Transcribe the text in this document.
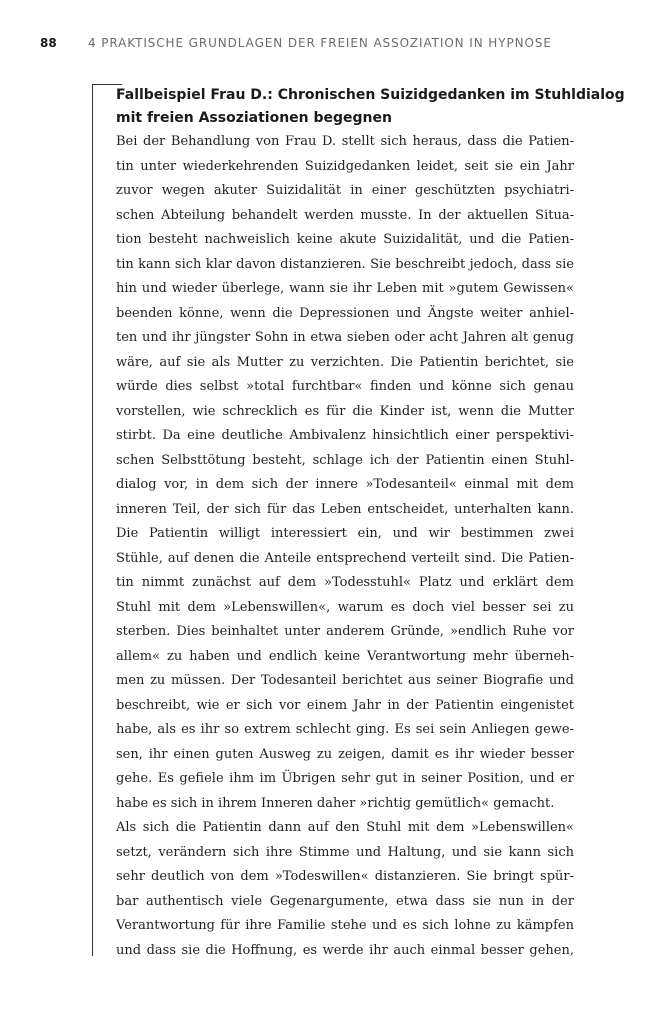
88	4 PRAKTISCHE GRUNDLAGEN DER FREIEN ASSOZIATION IN HYPNOSE
Fallbeispiel Frau D.: Chronischen Suizidgedanken im Stuhldialog
mit freien Assoziationen begegnen
Bei der Behandlung von Frau D. stellt sich heraus, dass die Patien-
tin unter wiederkehrenden Suizidgedanken leidet, seit sie ein Jahr
zuvor wegen akuter Suizidalität in einer geschützten psychiatri-
schen Abteilung behandelt werden musste. In der aktuellen Situa-
tion besteht nachweislich keine akute Suizidalität, und die Patien-
tin kann sich klar davon distanzieren. Sie beschreibt jedoch, dass sie
hin und wieder überlege, wann sie ihr Leben mit »gutem Gewissen«
beenden könne, wenn die Depressionen und Ängste weiter anhiel-
ten und ihr jüngster Sohn in etwa sieben oder acht Jahren alt genug
wäre, auf sie als Mutter zu verzichten. Die Patientin berichtet, sie
würde dies selbst »total furchtbar« finden und könne sich genau
vorstellen, wie schrecklich es für die Kinder ist, wenn die Mutter
stirbt. Da eine deutliche Ambivalenz hinsichtlich einer perspektivi-
schen Selbsttötung besteht, schlage ich der Patientin einen Stuhl-
dialog vor, in dem sich der innere »Todesanteil« einmal mit dem
inneren Teil, der sich für das Leben entscheidet, unterhalten kann.
Die Patientin willigt interessiert ein, und wir bestimmen zwei
Stühle, auf denen die Anteile entsprechend verteilt sind. Die Patien-
tin nimmt zunächst auf dem »Todesstuhl« Platz und erklärt dem
Stuhl mit dem »Lebenswillen«, warum es doch viel besser sei zu
sterben. Dies beinhaltet unter anderem Gründe, »endlich Ruhe vor
allem« zu haben und endlich keine Verantwortung mehr überneh-
men zu müssen. Der Todesanteil berichtet aus seiner Biografie und
beschreibt, wie er sich vor einem Jahr in der Patientin eingenistet
habe, als es ihr so extrem schlecht ging. Es sei sein Anliegen gewe-
sen, ihr einen guten Ausweg zu zeigen, damit es ihr wieder besser
gehe. Es gefiele ihm im Übrigen sehr gut in seiner Position, und er
habe es sich in ihrem Inneren daher »richtig gemütlich« gemacht.
Als sich die Patientin dann auf den Stuhl mit dem »Lebenswillen«
setzt, verändern sich ihre Stimme und Haltung, und sie kann sich
sehr deutlich von dem »Todeswillen« distanzieren. Sie bringt spür-
bar authentisch viele Gegenargumente, etwa dass sie nun in der
Verantwortung für ihre Familie stehe und es sich lohne zu kämpfen
und dass sie die Hoffnung, es werde ihr auch einmal besser gehen,
